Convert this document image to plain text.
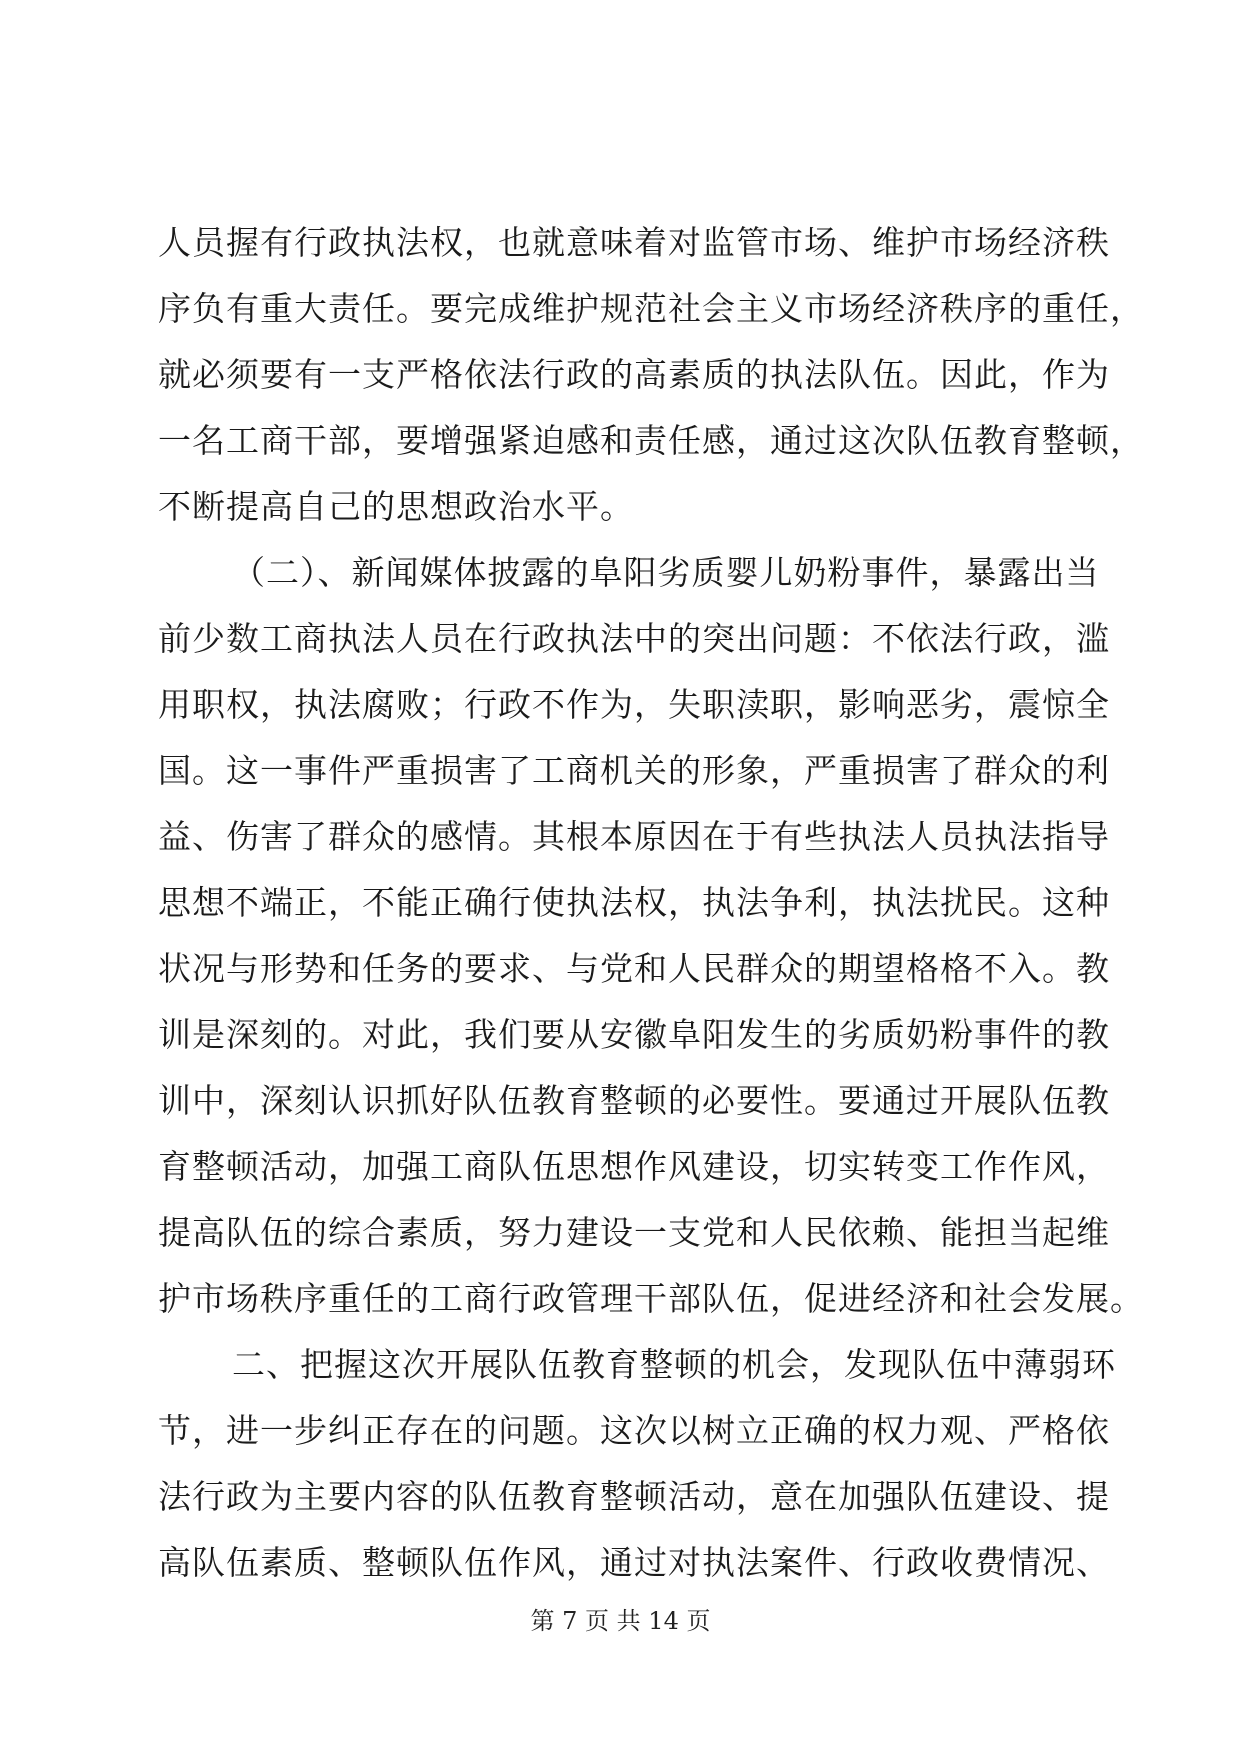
人员握有行政执法权，也就意味着对监管市场、维护市场经济秩
序负有重大责任。要完成维护规范社会主义市场经济秩序的重任，
就必须要有一支严格依法行政的高素质的执法队伍。因此，作为
一名工商干部，要增强紧迫感和责任感，通过这次队伍教育整顿，
不断提高自己的思想政治水平。
（二）、新闻媒体披露的阜阳劣质婴儿奶粉事件，暴露出当
前少数工商执法人员在行政执法中的突出问题：不依法行政，滥
用职权，执法腐败；行政不作为，失职渎职，影响恶劣，震惊全
国。这一事件严重损害了工商机关的形象，严重损害了群众的利
益、伤害了群众的感情。其根本原因在于有些执法人员执法指导
思想不端正，不能正确行使执法权，执法争利，执法扰民。这种
状况与形势和任务的要求、与党和人民群众的期望格格不入。教
训是深刻的。对此，我们要从安徽阜阳发生的劣质奶粉事件的教
训中，深刻认识抓好队伍教育整顿的必要性。要通过开展队伍教
育整顿活动，加强工商队伍思想作风建设，切实转变工作作风，
提高队伍的综合素质，努力建设一支党和人民依赖、能担当起维
护市场秩序重任的工商行政管理干部队伍，促进经济和社会发展。
二、把握这次开展队伍教育整顿的机会，发现队伍中薄弱环
节，进一步纠正存在的问题。这次以树立正确的权力观、严格依
法行政为主要内容的队伍教育整顿活动，意在加强队伍建设、提
高队伍素质、整顿队伍作风，通过对执法案件、行政收费情况、
第 7 页 共 14 页
